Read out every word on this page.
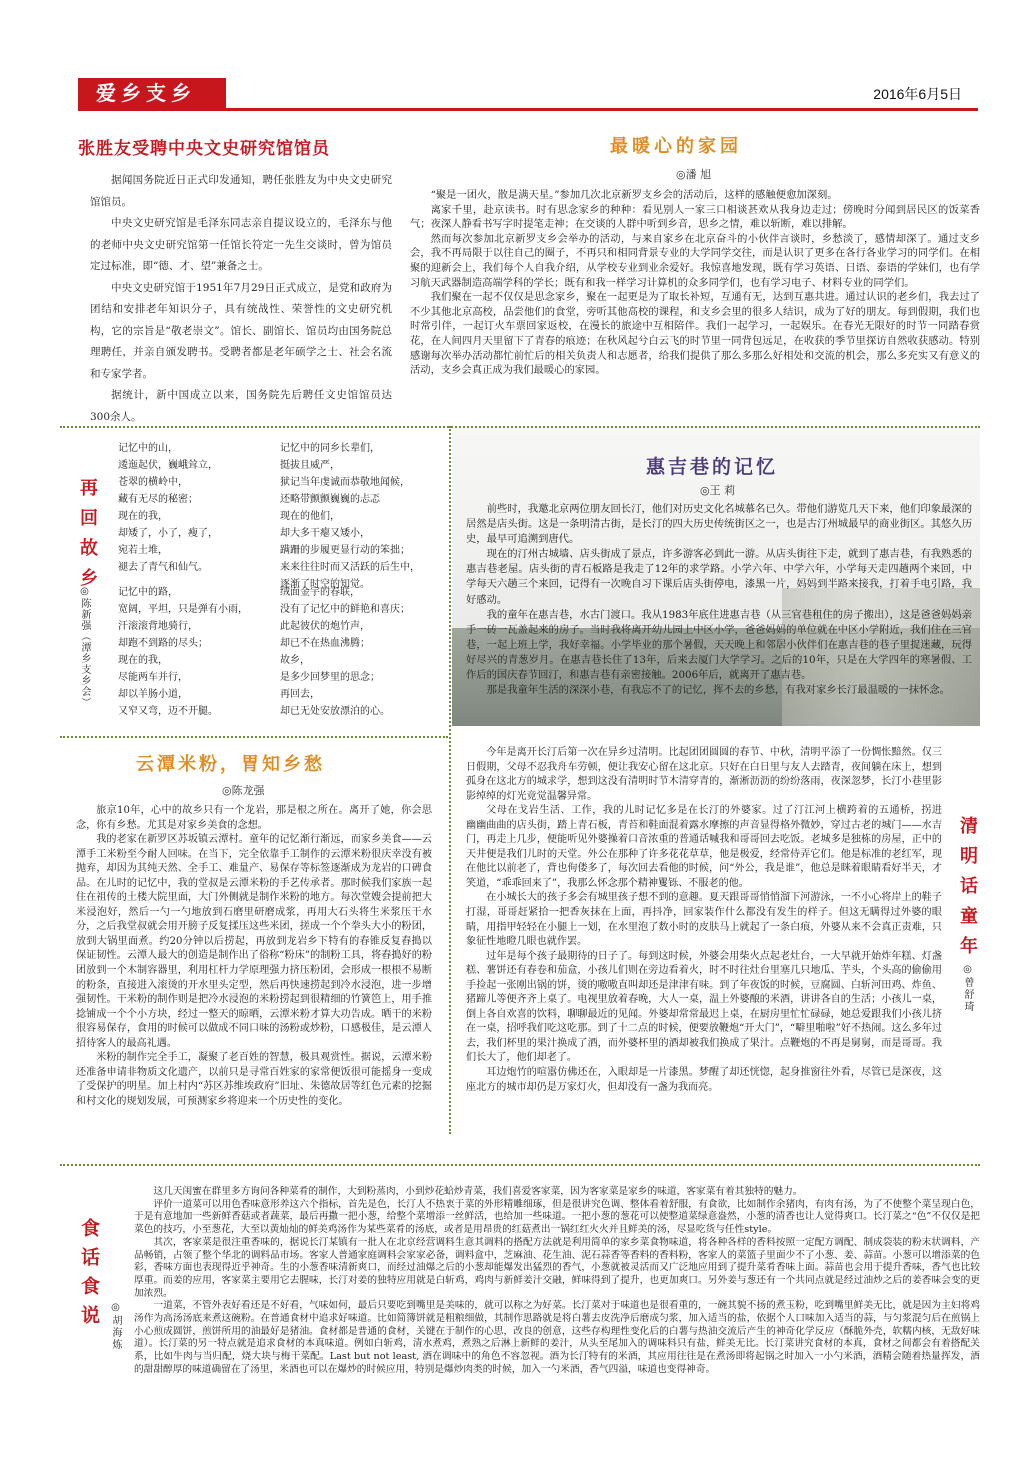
爱乡支乡	2016年6月5日
张胜友受聘中央文史研究馆馆员

据闻国务院近日正式印发通知，聘任张胜友为中央文史研究馆馆员。

中央文史研究馆是毛泽东同志亲自提议设立的，毛泽东与他的老师中央文史研究馆第一任馆长符定一先生交谈时，曾为馆员定过标准，即“德、才、望”兼备之士。

中央文史研究馆于1951年7月29日正式成立，是党和政府为团结和安排老年知识分子，具有统战性、荣誉性的文史研究机构，它的宗旨是“敬老崇文”。馆长、副馆长、馆员均由国务院总理聘任，并亲自颁发聘书。受聘者都是老年硕学之士、社会名流和专家学者。

据统计，新中国成立以来，国务院先后聘任文史馆馆员达300余人。

最暖心的家园
◎潘 旭

“聚是一团火，散是满天星。”参加几次北京新罗支乡会的活动后，这样的感触便愈加深刻。

离家千里，赴京读书。时有思念家乡的种种：看见别人一家三口相谈甚欢从我身边走过；傍晚时分闻到居民区的饭菜香气；夜深人静看书写字时提笔走神；在交谈的人群中听到乡音，思乡之情，难以斩断，难以排解。

然而每次参加北京新罗支乡会举办的活动，与来自家乡在北京奋斗的小伙伴言谈时，乡愁淡了，感情却深了。通过支乡会，我不再局限于以往自己的圈子，不再只和相同背景专业的大学同学交往，而是认识了更多在各行各业学习的同学们。在相聚的迎新会上，我们每个人自我介绍，从学校专业到业余爱好。我惊喜地发现，既有学习英语、日语、泰语的学妹们，也有学习航天武器制造高端学科的学长；既有和我一样学习计算机的众多同学们，也有学习电子、材料专业的同学们。

我们聚在一起不仅仅是思念家乡，聚在一起更是为了取长补短，互通有无，达到互惠共进。通过认识的老乡们，我去过了不少其他北京高校，品尝他们的食堂，旁听其他高校的课程，和支乡会里的很多人结识，成为了好的朋友。每到假期，我们也时常引伴，一起订火车票回家返校，在漫长的旅途中互相陪伴。我们一起学习，一起娱乐。在春光无限好的时节一同踏春赏花，在人间四月天里留下了青春的痕迹；在秋风起兮白云飞的时节里一同背包远足，在收获的季节里探访自然收获感动。特别感谢每次举办活动都忙前忙后的相关负责人和志愿者，给我们提供了那么多那么好相处和交流的机会，那么多充实又有意义的活动，支乡会真正成为我们最暖心的家园。

再回故乡
◎陈新强（潭乡支乡会）
记忆中的山，
逶迤起伏，巍峨耸立，
苍翠的横岭中，
藏有无尽的秘密；
现在的我，
却矮了，小了，瘦了，
宛若土堆，
褪去了青气和仙气。
记忆中的同乡长辈们，
挺拔且威严，
狱记当年虔诚而恭敬地闻候，
还略带颤颤巍巍的忐忑
现在的他们，
却大多干瘪又矮小，
蹒跚的步履更显行动的笨拙；
来来往往时而又活跃的后生中，
逐渐了时空的知觉。
记忆中的路，
宽阔，平坦，只是弹有小雨，
汗滚滚背地骑行，
却跑不到路的尽头；
现在的我，
尽能两车并行，
却以羊肠小道，
又窄又弯，迈不开腿。
绒面金宇的春联，
没有了记忆中的鲜艳和喜庆；
此起彼伏的炮竹声，
却已不在热血沸腾；
故乡，
是多少回梦里的思念；
再回去，
却已无处安放漂泊的心。
惠吉巷的记忆
◎王 莉

前些时，我邀北京两位朋友回长汀，他们对历史文化名城慕名已久。带他们游览几天下来，他们印象最深的居然是店头街。这是一条明清古街，是长汀的四大历史传统街区之一，也是古汀州城最早的商业街区。其悠久历史，最早可追溯到唐代。

现在的汀州古城墙、店头街成了景点，许多游客必到此一游。从店头街往下走，就到了惠吉巷，有我熟悉的惠吉巷老屋。店头街的青石板路是我走了12年的求学路。小学六年、中学六年，小学每天走四趟两个来回，中学每天六趟三个来回，记得有一次晚自习下课后店头街停电，漆黑一片，妈妈到半路来接我，打着手电引路，我好感动。

我的童年在惠吉巷，水古门渡口。我从1983年底住进惠吉巷（从三官巷租住的房子搬出），这是爸爸妈妈亲手一砖一瓦盖起来的房子。当时我将离开幼儿园上中区小学，爸爸妈妈的单位就在中区小学附近，我们住在三官巷，一起上班上学，我好幸福。小学毕业的那个暑假，天天晚上和邻居小伙伴们在惠吉巷的巷子里捉迷藏，玩得好尽兴的青葱岁月。在惠吉巷长住了13年，后来去厦门大学学习。之后的10年，只是在大学四年的寒暑假、工作后的国庆春节回汀，和惠吉巷有亲密接触。2006年后，就离开了惠吉巷。

那是我童年生活的深深小巷，有我忘不了的记忆，挥不去的乡愁，有我对家乡长汀最温暖的一抹怀念。

云潭米粉，胃知乡愁
◎陈龙强

旅京10年，心中的故乡只有一个龙岩，那是根之所在。离开了她，你会思念，你有乡愁。尤其是对家乡美食的念想。

我的老家在新罗区苏坂镇云潭村。童年的记忆渐行渐远，而家乡美食——云潭手工米粉至今耐人回味。在当下，完全依靠手工制作的云潭米粉很庆幸没有被抛弃，却因为其纯天然、全手工、难量产、易保存等标签逐渐成为龙岩的口碑食品。在儿时的记忆中，我的堂叔是云潭米粉的手艺传承者。那时候我们家族一起住在祖传的土楼大院里面，大门外侧就是制作米粉的地方。每次堂嫂会提前把大米浸泡好，然后一勺一勺地放到石磨里研磨成浆，再用大石头将生米浆压干水分，之后我堂叔就会用开膀子反复揉压这些米团，搓成一个个拳头大小的粉团，放到大锅里面煮。约20分钟以后捞起，再放到龙岩乡下特有的春锥反复舂搗以保证韧性。云潭人最大的创造是制作出了俗称“粉床”的制粉工具，将舂搗好的粉团放到一个木制容器里，利用杠杆力学原理强力挤压粉团，会形成一根根不易断的粉条，直接进入滚烫的开水里头定型，然后再快速捞起到冷水浸泡，进一步增强韧性。干米粉的制作则是把冷水浸泡的米粉捞起到很精细的竹簧笆上，用手推捻铺成一个个小方块，经过一整天的晾晒，云潭米粉才算大功告成。晒干的米粉很容易保存，食用的时候可以做成不同口味的汤粉或炒粉，口感极佳，是云潭人招待客人的最高礼遇。

米粉的制作完全手工，凝聚了老百姓的智慧，极具观赏性。据说，云潭米粉还准备申请非物质文化遗产，以前只是寻常百姓家的家常便饭很可能摇身一变成了受保护的明星。加上村内“苏区苏维埃政府”旧址、朱德故居等红色元素的挖掘和村文化的规划发展，可预测家乡将迎来一个历史性的变化。

今年是离开长汀后第一次在异乡过清明。比起团团圆圆的春节、中秋，清明平添了一份惆怅黯然。仅三日假期，父母不忍我舟车劳顿，便让我安心留在这北京。只好在白日里与友人去踏青，夜间躺在床上，想到孤身在这北方的城求学，想到这没有清明时节木清穿青的，渐淅沥沥的纷纷落雨，夜深忽梦，长汀小巷里影影绰绰的灯光竟觉温馨异常。

父母在戈岩生活、工作，我的儿时记忆多是在长汀的外婆家。过了汀江河上横跨着的五通桥，拐进　　幽幽曲曲的店头街，踏上青石板，青苔和鞋面混着露水摩擦的声音显得格外微妙，穿过古老的城门——水吉门，再走上几步，便能听见外婆操着口音浓重的普通话喊我和哥哥回去吃饭。老城多是独栋的房屋，正中的天井便是我们儿时的天堂。外公在那种了许多花花草草，他是极爱，经常侍弄它们。他是标准的老红军，现在他比以前老了，背也佝偻多了，每次回去看他的时候，问“外公，我是谁”，他总是眯着眼睛看好半天，才笑道，“乖乖回来了”，我那么怀念那个精神矍铄、不服老的他。

在小城长大的孩子多会有城里孩子想不到的意趣。夏天跟哥哥悄悄溜下河游泳，一不小心将岸上的鞋子打湿，哥哥赶紧拾一把香灰抹在上面，再抖净，回家装作什么都没有发生的样子。但这无瞒得过外婆的眼睛，用指甲轻轻在小腿上一划，在水里泡了数小时的皮肤马上就起了一条白痕，外婆从来不会真正责难，只象征性地瞪几眼也就作罢。

过年是每个孩子最期待的日子了。每到这时候，外婆会用柴火点起老灶台，一大早就开始炸年糕、灯盏糕、薯饼还有春卷和茄盒，小孩儿们则在旁边看着火，时不时往灶台里塞几只地瓜、芋头，个头高的偷偷用手捡起一张刚出锅的饼，烫的嗷嗷直叫却还是津津有味。到了年夜饭的时候，豆腐圆、白斩河田鸡、炸鱼、猪蹄儿等便齐齐上桌了。电视里放着春晚，大人一桌，温上外婆酿的米酒，讲讲各自的生活；小孩儿一桌，倒上各自欢喜的饮料，聊聊最近的见闻。外婆却常常最迟上桌，在厨房里忙忙碌碌，她总爱跟我们小孩儿挤在一桌，招呼我们吃这吃那。到了十二点的时候，便要放鞭炮“开大门”，“噼里啪啦”好不热闹。这么多年过去，我们杯里的果汁换成了酒，而外婆杯里的酒却被我们换成了果汁。点鞭炮的不再是舅舅，而是哥哥。我们长大了，他们却老了。

耳边炮竹的喧嚣仿佛还在，入眼却是一片漆黑。梦醒了却还恍惚，起身推窗往外看，尽管已是深夜，这座北方的城市却仍是万家灯火，但却没有一盏为我而亮。

清明话童年
◎曾舒琦
食话食说	◎胡海炼

这几天闺蜜在群里多方询问各种菜肴的制作，大到粉蒸肉，小到炒花蛤炒青菜，我们喜爱客家菜，因为客家菜是家乡的味道，客家菜有着其独特的魅力。

评价一道菜可以用色香味意形养这六个指标，首先是色，长汀人不热衷于菜的外形精雕细琢，但是很讲究色调、整体看着舒服，有食欲，比如制作余猪肉，有肉有汤，为了不使整个菜呈现白色，于是有意地加一些新鲜香菇或者蔬菜，最后再撒一把小葱，给整个菜增添一丝鲜活，也给加一些味道。一把小葱的葱花可以使整道菜绿意盎然，小葱的清香也让人觉得爽口。长汀菜之“色”不仅仅是把菜色的技巧，小至葱花，大至以黄灿灿的鲜美鸡汤作为某些菜肴的汤底，或者是用昂贵的红菇煮出一锅红红火火并且鲜美的汤，尽显吃货与任性style。

其次，客家菜是很注重香味的，据说长汀某镇有一批人在北京经营调料生意其调料的搭配方法就是利用简单的家乡菜食物味道，将各种各样的香料按照一定配方调配、制成袋装的粉末状调料，产品畅销，占领了整个华北的调料品市场。客家人普通家庭调料会家家必备，调料盒中，芝麻油、花生油、泥石蒜香等香料的香料粉，客家人的菜篮子里面少不了小葱、姜、蒜苗。小葱可以增添菜的色彩，香味方面也表现得近乎神奇。生的小葱香味清新爽口，而经过油爆之后的小葱却能爆发出猛烈的香气，小葱就被灵活而又广泛地应用到了提升菜肴香味上面。蒜苗也会用于提升香味，香气也比较厚重。而姜的应用，客家菜主要用它去腥味，长汀对姜的独特应用就是白斩鸡，鸡肉与新鲜姜汁交融，鲜味得到了提升，也更加爽口。另外姜与葱还有一个共同点就是经过油炒之后的姜香味会变的更加浓烈。

一道菜，不管外表好看还是不好看，气味如何，最后只要吃到嘴里是美味的，就可以称之为好菜。长汀菜对于味道也是很看重的，一碗其貌不扬的煮玉粉，吃到嘴里鲜美无比，就是因为主妇将鸡汤作为高汤汤底来煮这碗粉。在普通食材中追求好味道。比如简簿饼就是粗粮细做，其制作思路就是将白薯去皮洗净后磨成匀浆，加入适当的盐，依据个人口味加入适当的蒜，与匀浆混匀后在煎锅上小心煎成圆饼，煎饼所用的油最好是猪油。食材都是普通的食材，关键在于制作的心思，改良的创意，这些存构理性变化后的白薯与热油交流后产生的神奇化学反应（酥脆外壳，软糯内核，无敌好味道）。长汀菜的另一特点就是追求食材的本真味道。例如白斩鸡，清水煮鸡，煮熟之后淋上新鲜的姜汁，从头至尾加入的调味料只有盐，鲜美无比。长汀菜讲究食材的本真，食材之间都会有着搭配关系，比如牛肉与当归配，烧大块与梅干菜配。Last but not least, 酒在调味中的角色不容忽视。酒为长汀特有的米酒，其应用往往是在煮汤即将起锅之时加入一小勺米酒，酒精会随着热量挥发，酒的甜甜醇厚的味道确留在了汤里，米酒也可以在爆炒的时候应用，特别是爆炒肉类的时候，加入一勺米酒，香气四溢，味道也变得神奇。
